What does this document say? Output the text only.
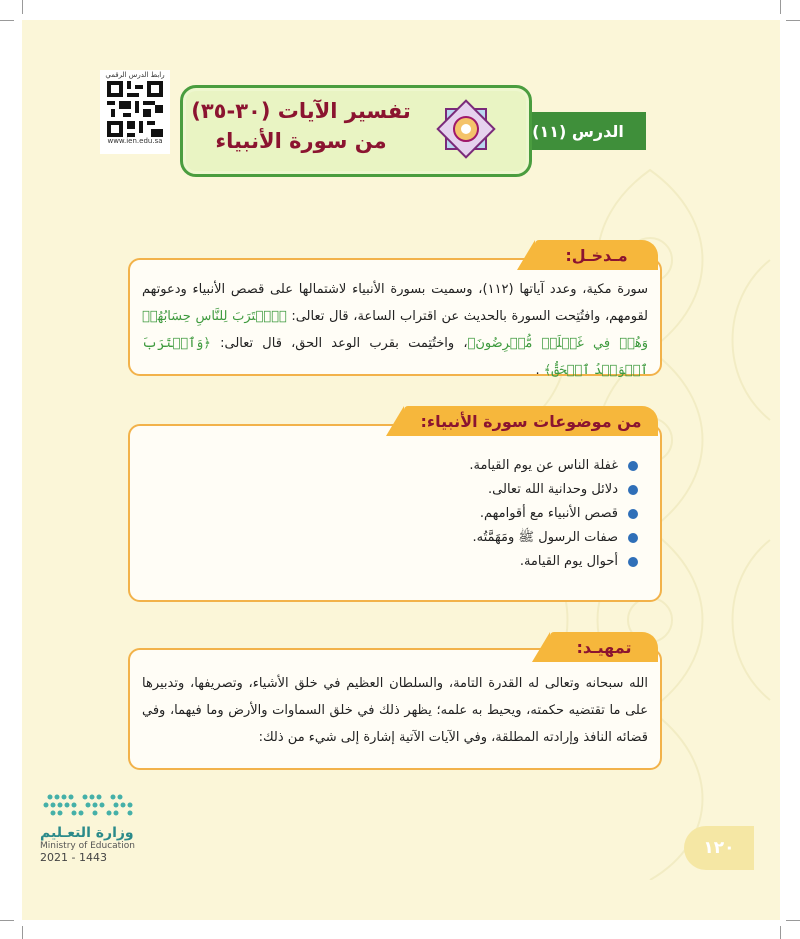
رابط الدرس الرقمي
www.ien.edu.sa
الدرس (١١)
تفسير الآيات (٣٠-٣٥)
من سورة الأنبياء
سورة مكية، وعدد آياتها (١١٢)، وسميت بسورة الأنبياء لاشتمالها على قصص الأنبياء ودعوتهم لقومهم، وافتُتِحت السورة بالحديث عن اقتراب الساعة، قال تعالى: ﴿ٱقۡتَرَبَ لِلنَّاسِ حِسَابُهُمۡ وَهُمۡ فِي غَفۡلَةٖ مُّعۡرِضُونَ﴾، واختُتِمت بقرب الوعد الحق، قال تعالى: ﴿وَٱقۡتَرَبَ ٱلۡوَعۡدُ ٱلۡحَقُّ﴾ .
مـدخـل:
غفلة الناس عن يوم القيامة.
دلائل وحدانية الله تعالى.
قصص الأنبياء مع أقوامهم.
صفات الرسول ﷺ ومَهَمَّتُه.
أحوال يوم القيامة.
من موضوعات سورة الأنبياء:
الله سبحانه وتعالى له القدرة التامة، والسلطان العظيم في خلق الأشياء، وتصريفها، وتدبيرها على ما تقتضيه حكمته، ويحيط به علمه؛ يظهر ذلك في خلق السماوات والأرض وما فيهما، وفي قضائه النافذ وإرادته المطلقة، وفي الآيات الآتية إشارة إلى شيء من ذلك:
تمهيـد:
وزارة التعـليم
Ministry of Education
2021 - 1443	١٢٠
